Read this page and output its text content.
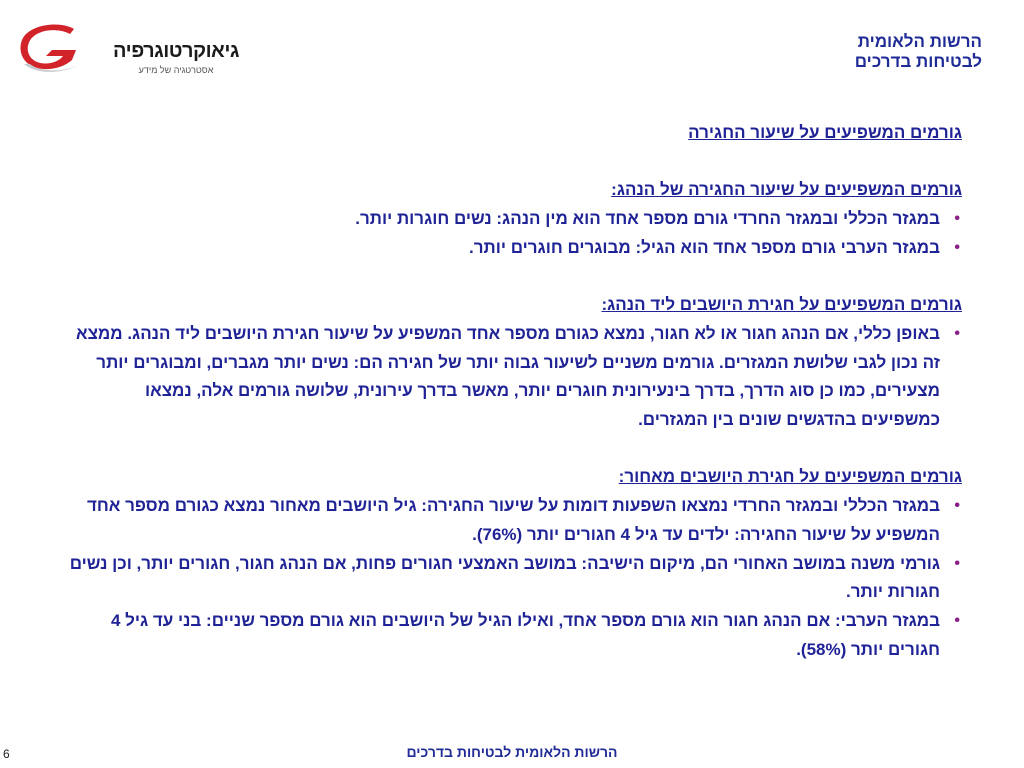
גיאוקרטוגרפיה
אסטרטגיה של מידע
הרשות הלאומית
לבטיחות בדרכים

גורמים המשפיעים על שיעור החגירה

גורמים המשפיעים על שיעור החגירה של הנהג:

•
במגזר הכללי ובמגזר החרדי גורם מספר אחד הוא מין הנהג: נשים חוגרות יותר.
•
במגזר הערבי גורם מספר אחד הוא הגיל: מבוגרים חוגרים יותר.

גורמים המשפיעים על חגירת היושבים ליד הנהג:

•
באופן כללי, אם הנהג חגור או לא חגור, נמצא כגורם מספר אחד המשפיע על שיעור חגירת היושבים ליד הנהג. ממצא זה נכון לגבי שלושת המגזרים. גורמים משניים לשיעור גבוה יותר של חגירה הם: נשים יותר מגברים, ומבוגרים יותר מצעירים, כמו כן סוג הדרך, בדרך בינעירונית חוגרים יותר, מאשר בדרך עירונית, שלושה גורמים אלה, נמצאו כמשפיעים בהדגשים שונים בין המגזרים.

גורמים המשפיעים על חגירת היושבים מאחור:

•
במגזר הכללי ובמגזר החרדי נמצאו השפעות דומות על שיעור החגירה: גיל היושבים מאחור נמצא כגורם מספר אחד המשפיע על שיעור החגירה: ילדים עד גיל 4 חגורים יותר (76%).
•
גורמי משנה במושב האחורי הם, מיקום הישיבה: במושב האמצעי חגורים פחות, אם הנהג חגור, חגורים יותר, וכן נשים חגורות יותר.
•
במגזר הערבי: אם הנהג חגור הוא גורם מספר אחד, ואילו הגיל של היושבים הוא גורם מספר שניים: בני עד גיל 4 חגורים יותר (58%).
6	הרשות הלאומית לבטיחות בדרכים
